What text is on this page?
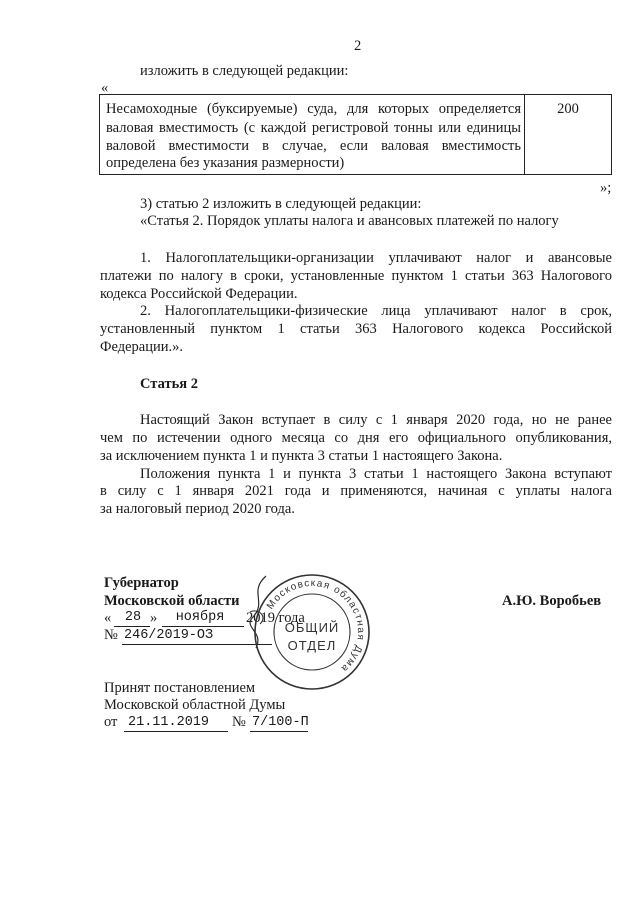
2
изложить в следующей редакции:
«
Несамоходные (буксируемые) суда, для которых определяется
валовая вместимость (с каждой регистровой тонны или единицы
валовой вместимости в случае, если валовая вместимость
определена без указания размерности)
200
»;
3) статью 2 изложить в следующей редакции:
«Статья 2. Порядок уплаты налога и авансовых платежей по налогу
1. Налогоплательщики-организации уплачивают налог и авансовые
платежи по налогу в сроки, установленные пунктом 1 статьи 363 Налогового
кодекса Российской Федерации.
2. Налогоплательщики-физические лица уплачивают налог в срок,
установленный пунктом 1 статьи 363 Налогового кодекса Российской
Федерации.».
Статья 2
Настоящий Закон вступает в силу с 1 января 2020 года, но не ранее
чем по истечении одного месяца со дня его официального опубликования,
за исключением пункта 1 и пункта 3 статьи 1 настоящего Закона.
Положения пункта 1 и пункта 3 статьи 1 настоящего Закона вступают
в силу с 1 января 2021 года и применяются, начиная с уплаты налога
за налоговый период 2020 года.
Губернатор
Московской области	А.Ю. Воробьев
«	28 »	ноября	2019 года
№ 246/2019-ОЗ
Московская областная Дума
ОБЩИЙ
ОТДЕЛ
Принят постановлением
Московской областной Думы
от 21.11.2019 № 7/100-П
